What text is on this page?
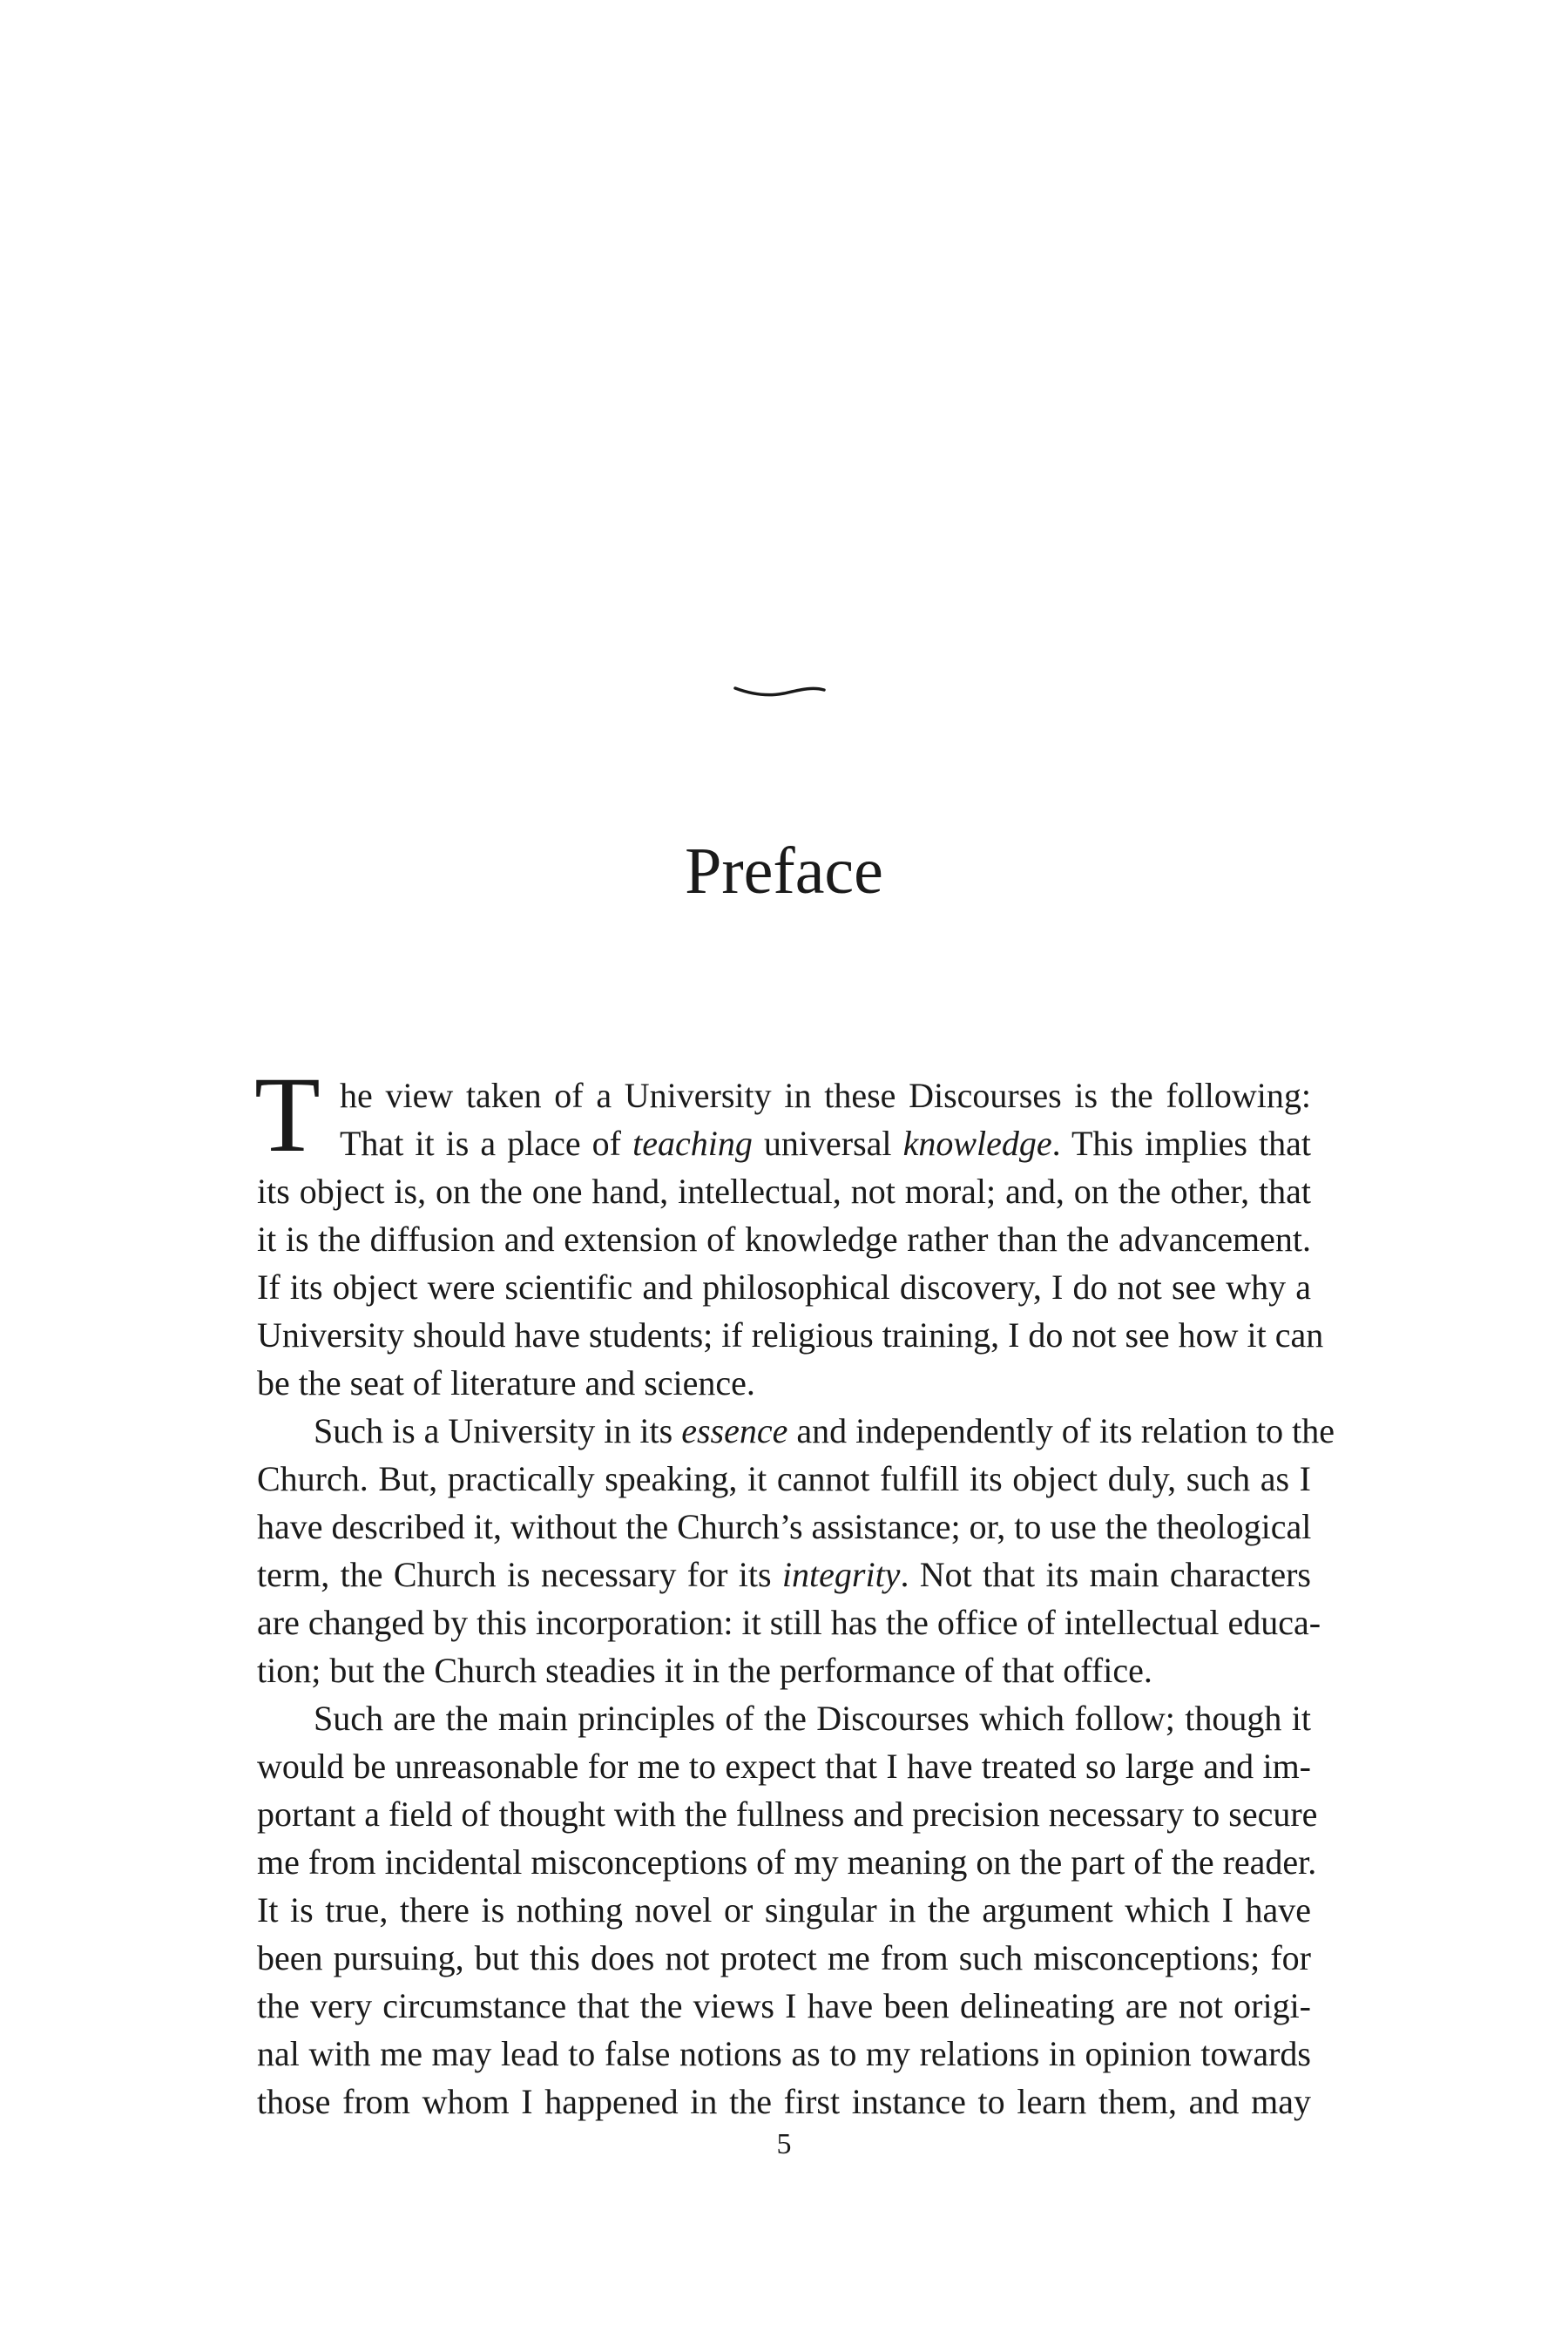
Preface
T he view taken of a University in these Discourses is the following:
That it is a place of teaching universal knowledge. This implies that
its object is, on the one hand, intellectual, not moral; and, on the other, that
it is the diffusion and extension of knowledge rather than the advancement.
If its object were scientific and philosophical discovery, I do not see why a
University should have students; if religious training, I do not see how it can
be the seat of literature and science.
Such is a University in its essence and independently of its relation to the
Church. But, practically speaking, it cannot fulfill its object duly, such as I
have described it, without the Church’s assistance; or, to use the theological
term, the Church is necessary for its integrity. Not that its main characters
are changed by this incorporation: it still has the office of intellectual educa-
tion; but the Church steadies it in the performance of that office.
Such are the main principles of the Discourses which follow; though it
would be unreasonable for me to expect that I have treated so large and im-
portant a field of thought with the fullness and precision necessary to secure
me from incidental misconceptions of my meaning on the part of the reader.
It is true, there is nothing novel or singular in the argument which I have
been pursuing, but this does not protect me from such misconceptions; for
the very circumstance that the views I have been delineating are not origi-
nal with me may lead to false notions as to my relations in opinion towards
those from whom I happened in the first instance to learn them, and may
5
